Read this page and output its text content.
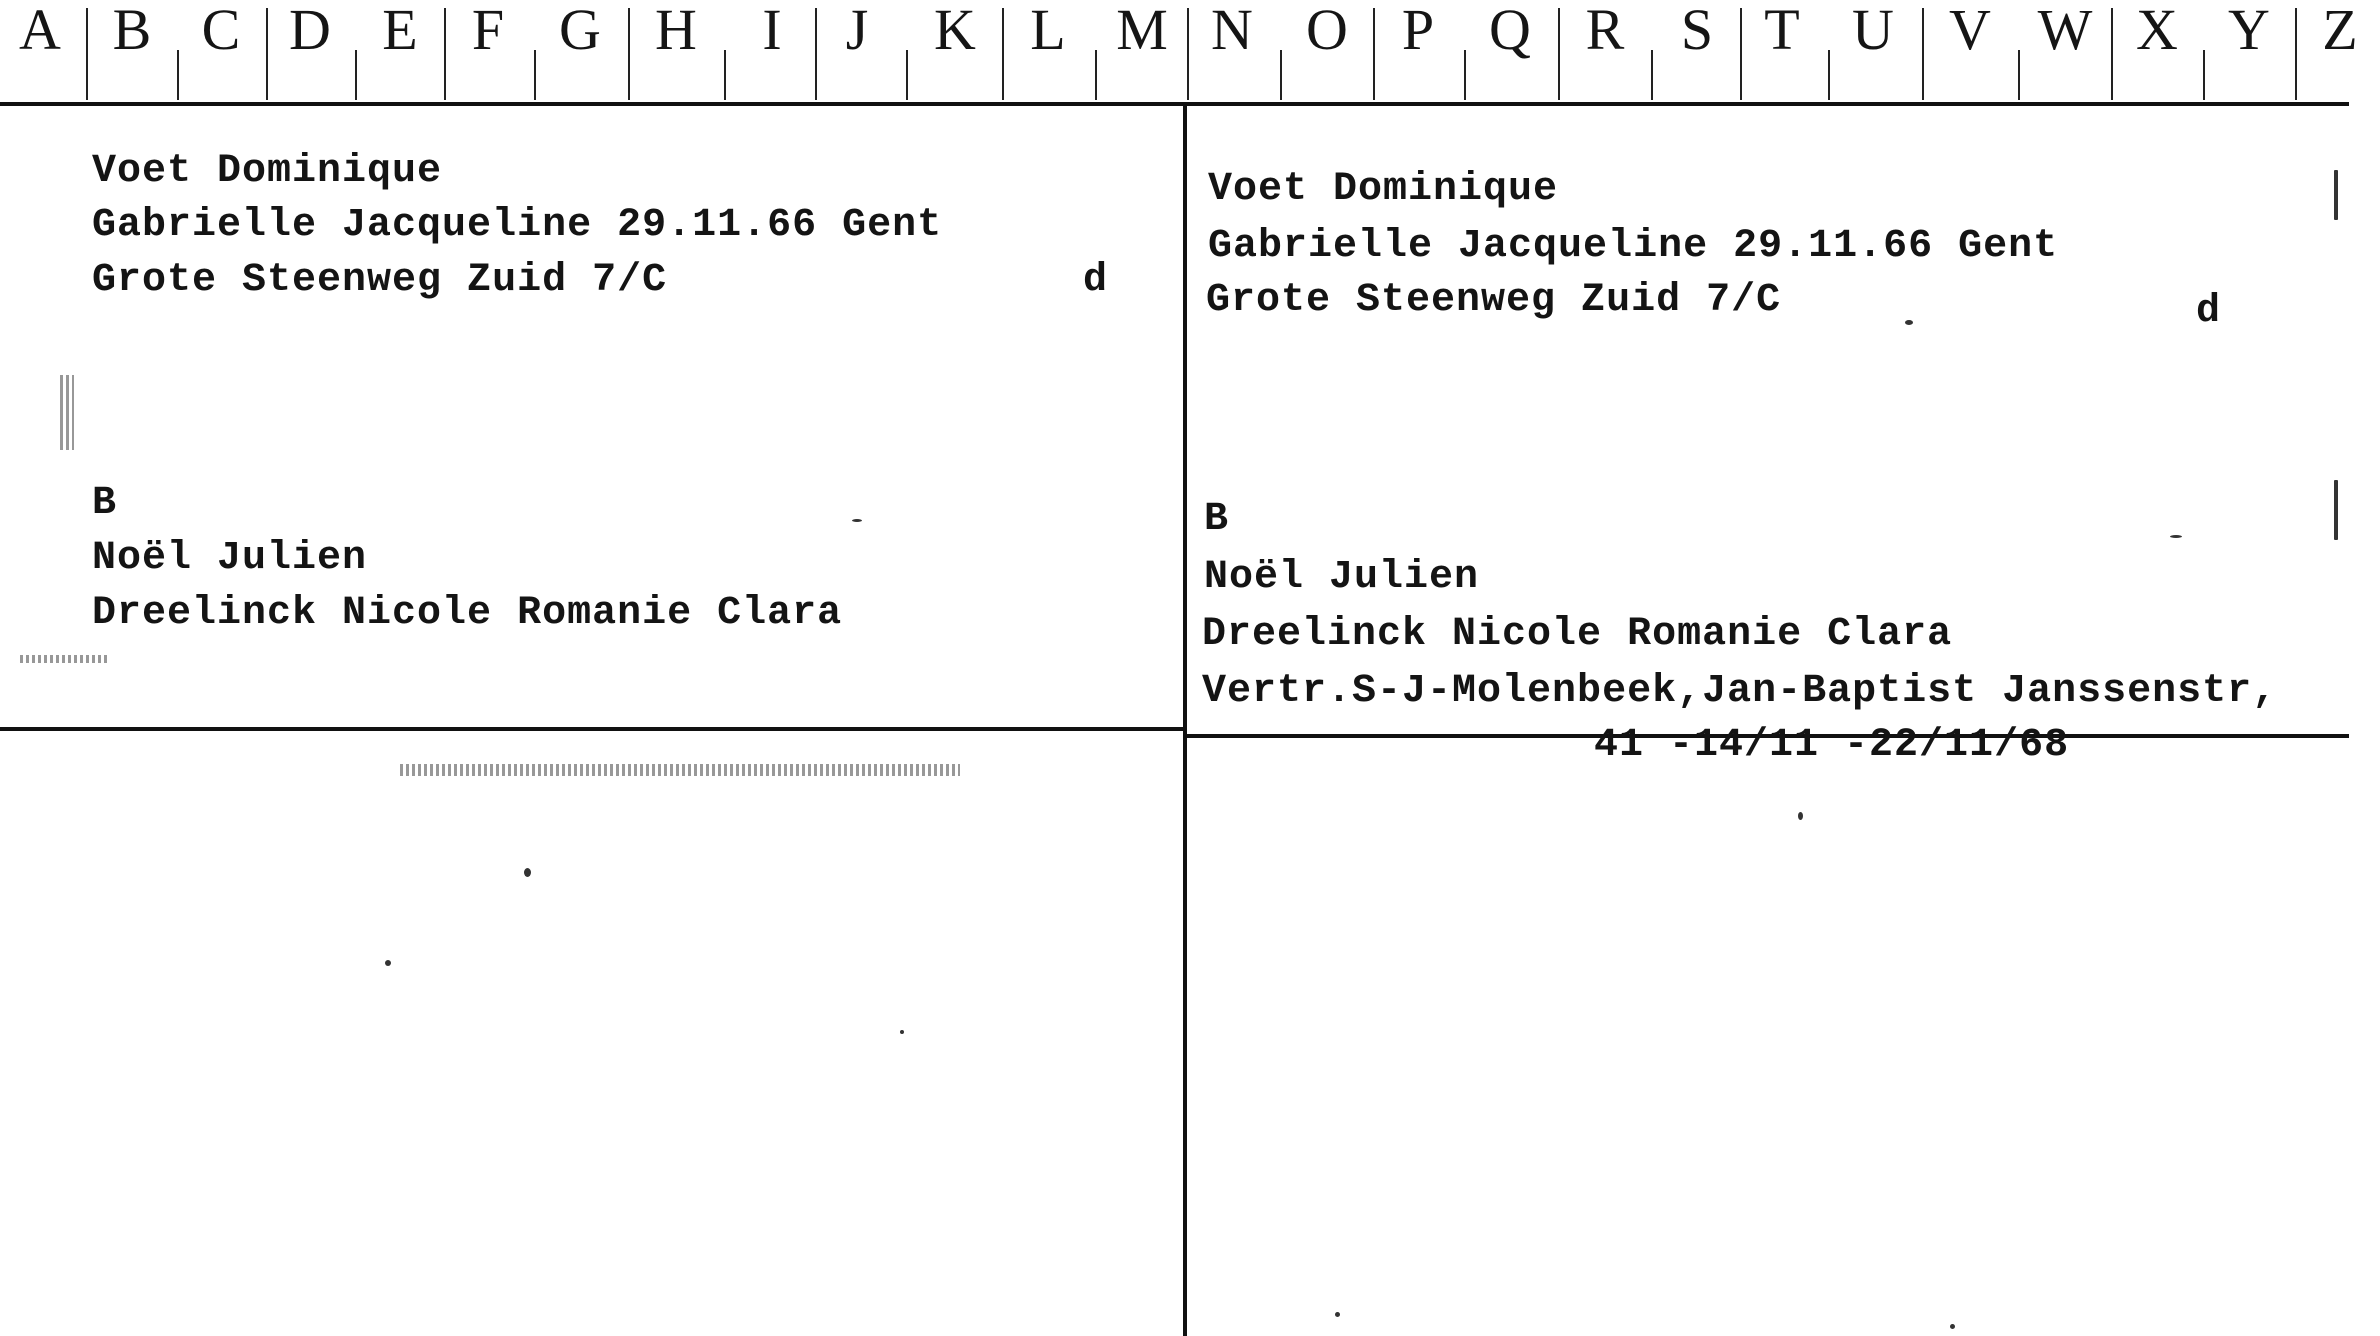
A B C D E F G H	I	J	K L M N O P Q R S T U V W X Y Z
Voet Dominique
Gabrielle Jacqueline 29.11.66 Gent
Grote Steenweg Zuid 7/C	d
B
Noël Julien
Dreelinck Nicole Romanie Clara
Voet Dominique
Gabrielle Jacqueline 29.11.66 Gent
Grote Steenweg Zuid 7/C	d
B
Noël Julien
Dreelinck Nicole Romanie Clara
Vertr.S-J-Molenbeek,Jan-Baptist Janssenstr,
41 -14/11 -22/11/68
